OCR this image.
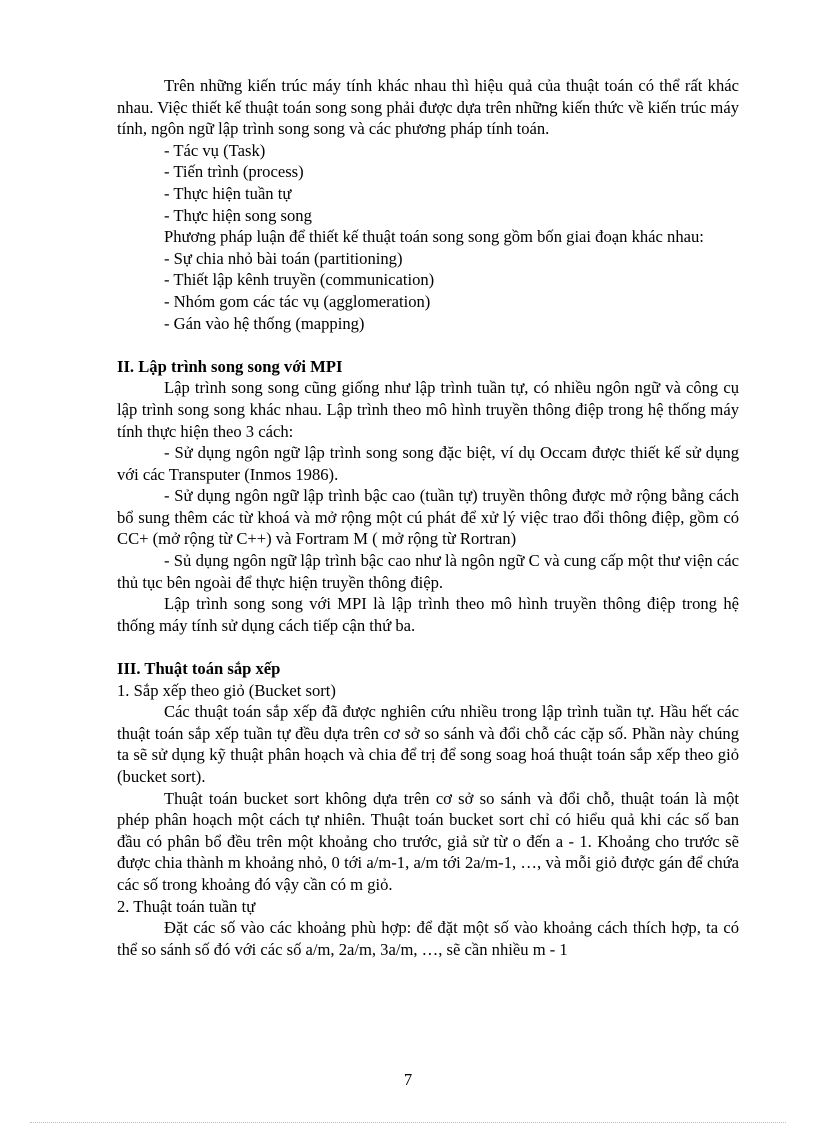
Trên những kiến trúc máy tính khác nhau thì hiệu quả của thuật toán có thể rất khác nhau. Việc thiết kế thuật toán song song phải được dựa trên những kiến thức về kiến trúc máy tính, ngôn ngữ lập trình song song và các phương pháp tính toán.

- Tác vụ (Task)

- Tiến trình (process)

- Thực hiện tuần tự

- Thực hiện song song

Phương pháp luận để thiết kế thuật toán song song gồm bốn giai đoạn khác nhau:

- Sự chia nhỏ bài toán (partitioning)

- Thiết lập kênh truyền (communication)

- Nhóm gom các tác vụ (agglomeration)

- Gán vào hệ thống (mapping)

II. Lập trình song song với MPI

Lập trình song song cũng giống như lập trình tuần tự, có nhiều ngôn ngữ và công cụ lập trình song song khác nhau. Lập trình theo mô hình truyền thông điệp trong hệ thống máy tính thực hiện theo 3 cách:

- Sử dụng ngôn ngữ lập trình song song đặc biệt, ví dụ Occam được thiết kế sử dụng với các Transputer (Inmos 1986).

- Sử dụng ngôn ngữ lập trình bậc cao (tuần tự) truyền thông được mở rộng bằng cách bổ sung thêm các từ khoá và mở rộng một cú phát để xử lý việc trao đổi thông điệp, gồm có CC+ (mở rộng từ C++) và Fortram M ( mở rộng từ Rortran)

- Sủ dụng ngôn ngữ lập trình bậc cao như là ngôn ngữ C và cung cấp một thư viện các thủ tục bên ngoài để thực hiện truyền thông điệp.

Lập trình song song với MPI là lập trình theo mô hình truyền thông điệp trong hệ thống máy tính sử dụng cách tiếp cận thứ ba.

III. Thuật toán sắp xếp

1. Sắp xếp theo giỏ (Bucket sort)

Các thuật toán sắp xếp đã được nghiên cứu nhiều trong lập trình tuần tự. Hầu hết các thuật toán sắp xếp tuần tự đều dựa trên cơ sở so sánh và đổi chỗ các cặp số. Phần này chúng ta sẽ sử dụng kỹ thuật phân hoạch và chia để trị để song soag hoá thuật toán sắp xếp theo giỏ (bucket sort).

Thuật toán bucket sort không dựa trên cơ sở so sánh và đổi chỗ, thuật toán là một phép phân hoạch một cách tự nhiên. Thuật toán bucket sort chỉ có hiểu quả khi các số ban đầu có phân bổ đều trên một khoảng cho trước, giả sử từ o đến a - 1. Khoảng cho trước sẽ được chia thành m khoảng nhỏ, 0 tới a/m-1, a/m tới 2a/m-1, …, và mỗi giỏ được gán để chứa các số trong khoảng đó vậy cần có m giỏ.

2. Thuật toán tuần tự

Đặt các số vào các khoảng phù hợp: để đặt một số vào khoảng cách thích hợp, ta có thể so sánh số đó với các số a/m, 2a/m, 3a/m, …, sẽ cần nhiều m - 1

7
